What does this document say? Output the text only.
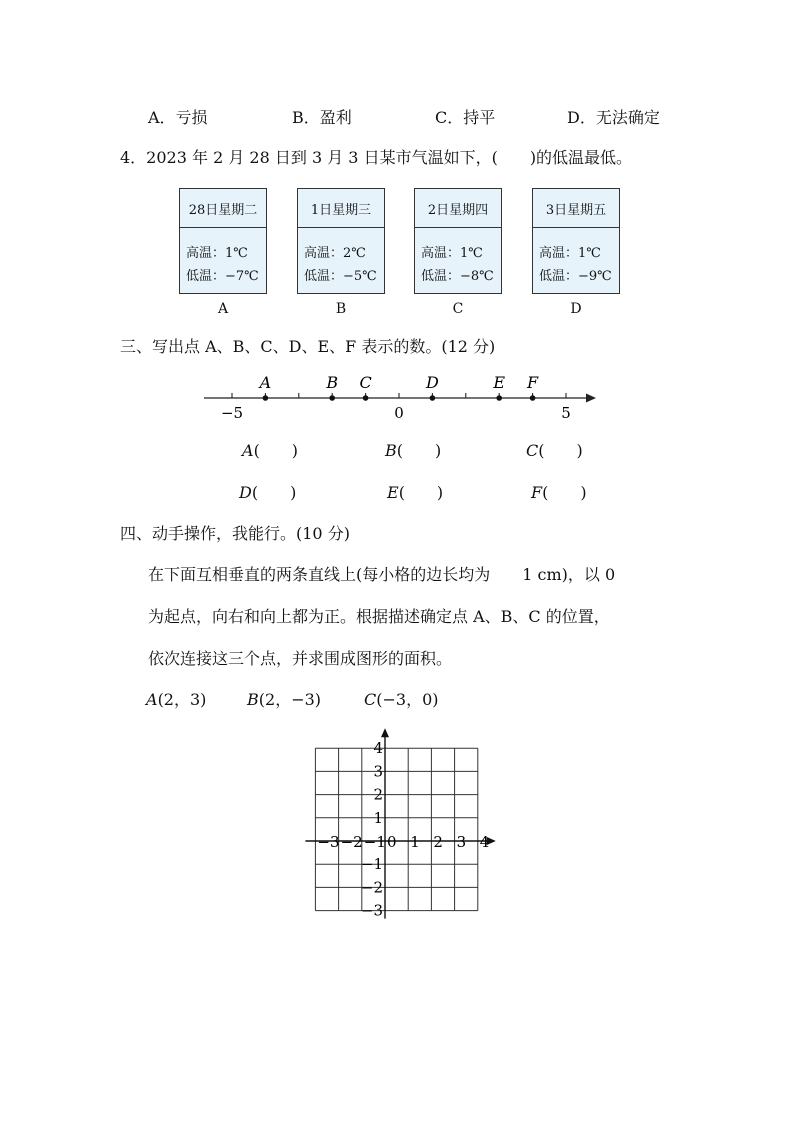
A．亏损	B．盈利	C．持平	D．无法确定
4．2023 年 2 月 28 日到 3 月 3 日某市气温如下，(　　)的低温最低。
28日星期二
高温：1℃
低温：−7℃
1日星期三
高温：2℃
低温：−5℃
2日星期四
高温：1℃
低温：−8℃
3日星期五
高温：1℃
低温：−9℃
A	B	C	D
三、写出点 A、B、C、D、E、F 表示的数。(12 分)
A	B C	D	E F
−5	0	5
A(　　)	B(　　)	C(　　)
D(　　)	E(　　)	F(　　)
四、动手操作，我能行。(10 分)
在下面互相垂直的两条直线上(每小格的边长均为　　1 cm)，以 0
为起点，向右和向上都为正。根据描述确定点 A、B、C 的位置，
依次连接这三个点，并求围成图形的面积。
A(2，3)	B(2，−3)	C(−3，0)
−3 −2 −1 0 1 2 3 4
4
3
2
1
−1
−2
−3
